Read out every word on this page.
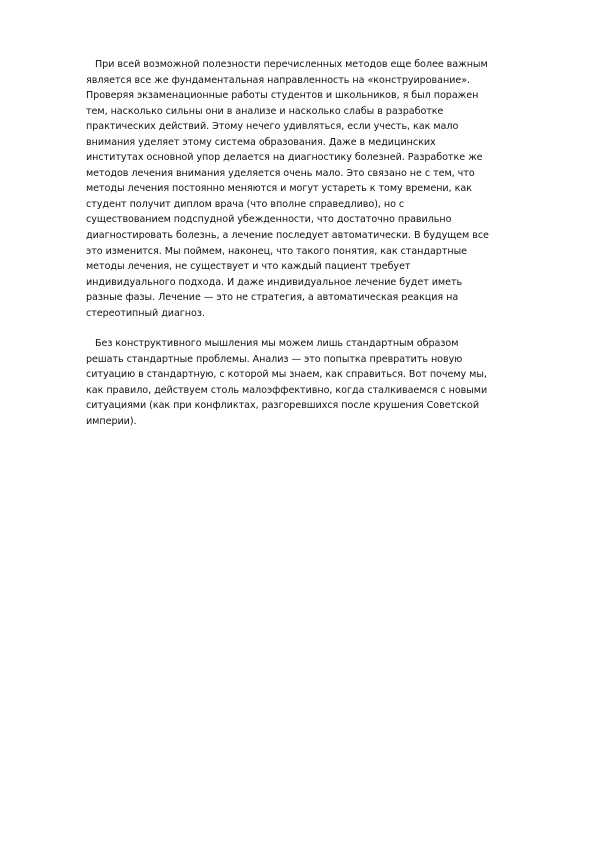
При всей возможной полезности перечисленных методов еще более важным
является все же фундаментальная направленность на «конструирование».
Проверяя экзаменационные работы студентов и школьников, я был поражен
тем, насколько сильны они в анализе и насколько слабы в разработке
практических действий. Этому нечего удивляться, если учесть, как мало
внимания уделяет этому система образования. Даже в медицинских
институтах основной упор делается на диагностику болезней. Разработке же
методов лечения внимания уделяется очень мало. Это связано не с тем, что
методы лечения постоянно меняются и могут устареть к тому времени, как
студент получит диплом врача (что вполне справедливо), но с
существованием подспудной убежденности, что достаточно правильно
диагностировать болезнь, а лечение последует автоматически. В будущем все
это изменится. Мы поймем, наконец, что такого понятия, как стандартные
методы лечения, не существует и что каждый пациент требует
индивидуального подхода. И даже индивидуальное лечение будет иметь
разные фазы. Лечение — это не стратегия, а автоматическая реакция на
стереотипный диагноз.

Без конструктивного мышления мы можем лишь стандартным образом
решать стандартные проблемы. Анализ — это попытка превратить новую
ситуацию в стандартную, с которой мы знаем, как справиться. Вот почему мы,
как правило, действуем столь малоэффективно, когда сталкиваемся с новыми
ситуациями (как при конфликтах, разгоревшихся после крушения Советской
империи).
